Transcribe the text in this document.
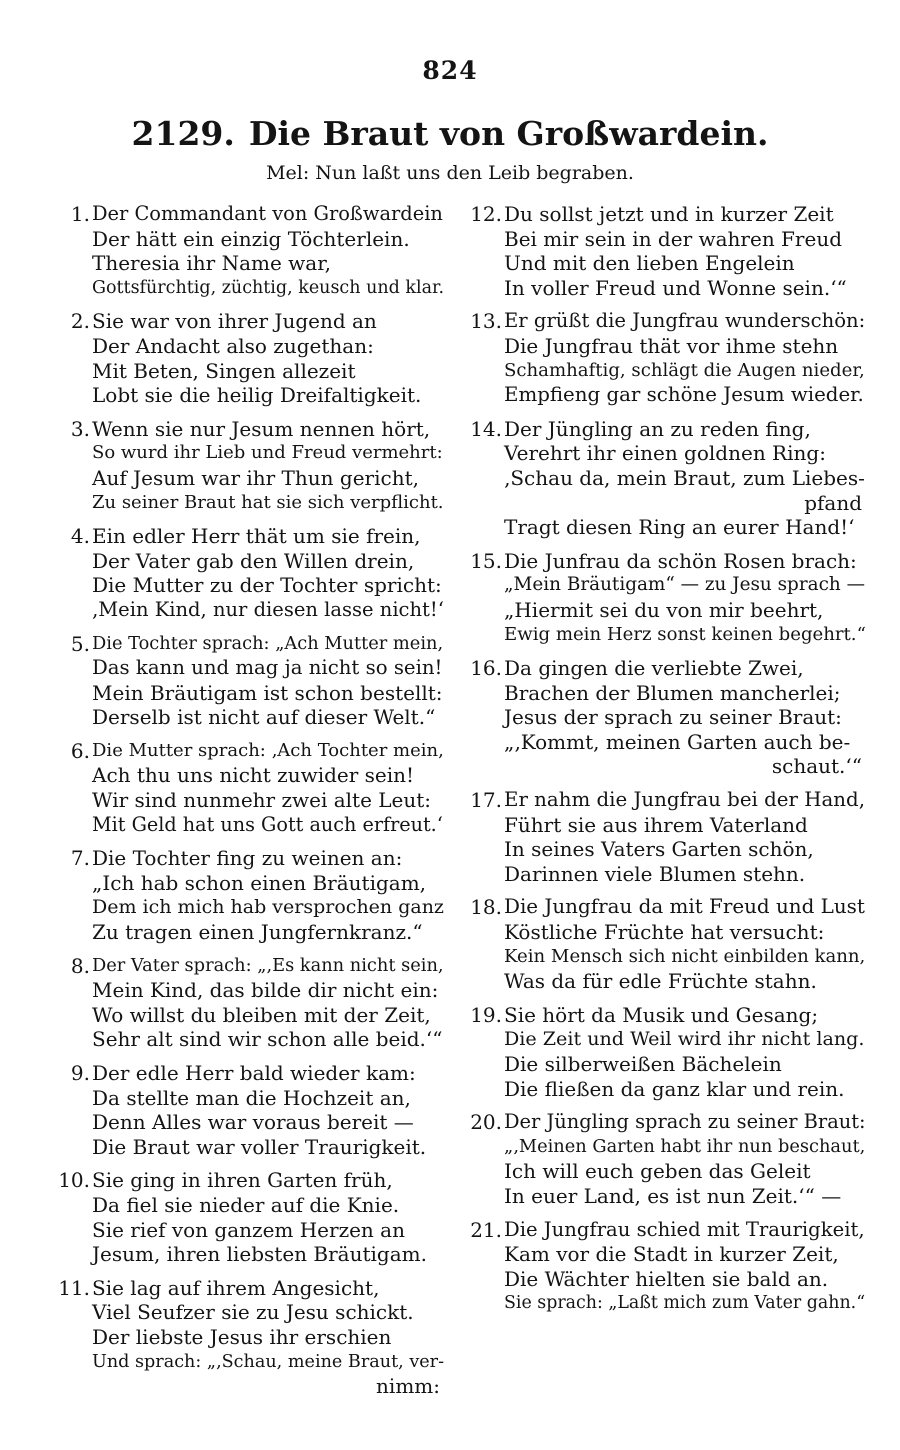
824
2129. Die Braut von Großwardein.
Mel: Nun laßt uns den Leib begraben.
1. Der Commandant von Großwardein
Der hätt ein einzig Töchterlein.
Theresia ihr Name war,
Gottsfürchtig, züchtig, keusch und klar.
2. Sie war von ihrer Jugend an
Der Andacht also zugethan:
Mit Beten, Singen allezeit
Lobt sie die heilig Dreifaltigkeit.
3. Wenn sie nur Jesum nennen hört,
So wurd ihr Lieb und Freud vermehrt:
Auf Jesum war ihr Thun gericht,
Zu seiner Braut hat sie sich verpflicht.
4. Ein edler Herr thät um sie frein,
Der Vater gab den Willen drein,
Die Mutter zu der Tochter spricht:
‚Mein Kind, nur diesen lasse nicht!‘
5. Die Tochter sprach: „Ach Mutter mein,
Das kann und mag ja nicht so sein!
Mein Bräutigam ist schon bestellt:
Derselb ist nicht auf dieser Welt.“
6. Die Mutter sprach: ‚Ach Tochter mein,
Ach thu uns nicht zuwider sein!
Wir sind nunmehr zwei alte Leut:
Mit Geld hat uns Gott auch erfreut.‘
7. Die Tochter fing zu weinen an:
„Ich hab schon einen Bräutigam,
Dem ich mich hab versprochen ganz
Zu tragen einen Jungfernkranz.“
8. Der Vater sprach: „‚Es kann nicht sein,
Mein Kind, das bilde dir nicht ein:
Wo willst du bleiben mit der Zeit,
Sehr alt sind wir schon alle beid.‘“
9. Der edle Herr bald wieder kam:
Da stellte man die Hochzeit an,
Denn Alles war voraus bereit —
Die Braut war voller Traurigkeit.
10. Sie ging in ihren Garten früh,
Da fiel sie nieder auf die Knie.
Sie rief von ganzem Herzen an
Jesum, ihren liebsten Bräutigam.
11. Sie lag auf ihrem Angesicht,
Viel Seufzer sie zu Jesu schickt.
Der liebste Jesus ihr erschien
Und sprach: „‚Schau, meine Braut, ver-
nimm:
12. Du sollst jetzt und in kurzer Zeit
Bei mir sein in der wahren Freud
Und mit den lieben Engelein
In voller Freud und Wonne sein.‘“
13. Er grüßt die Jungfrau wunderschön:
Die Jungfrau thät vor ihme stehn
Schamhaftig, schlägt die Augen nieder,
Empfieng gar schöne Jesum wieder.
14. Der Jüngling an zu reden fing,
Verehrt ihr einen goldnen Ring:
‚Schau da, mein Braut, zum Liebes-
pfand
Tragt diesen Ring an eurer Hand!‘
15. Die Junfrau da schön Rosen brach:
„Mein Bräutigam“ — zu Jesu sprach —
„Hiermit sei du von mir beehrt,
Ewig mein Herz sonst keinen begehrt.“
16. Da gingen die verliebte Zwei,
Brachen der Blumen mancherlei;
Jesus der sprach zu seiner Braut:
„‚Kommt, meinen Garten auch be-
schaut.‘“
17. Er nahm die Jungfrau bei der Hand,
Führt sie aus ihrem Vaterland
In seines Vaters Garten schön,
Darinnen viele Blumen stehn.
18. Die Jungfrau da mit Freud und Lust
Köstliche Früchte hat versucht:
Kein Mensch sich nicht einbilden kann,
Was da für edle Früchte stahn.
19. Sie hört da Musik und Gesang;
Die Zeit und Weil wird ihr nicht lang.
Die silberweißen Bächelein
Die fließen da ganz klar und rein.
20. Der Jüngling sprach zu seiner Braut:
„‚Meinen Garten habt ihr nun beschaut,
Ich will euch geben das Geleit
In euer Land, es ist nun Zeit.‘“ —
21. Die Jungfrau schied mit Traurigkeit,
Kam vor die Stadt in kurzer Zeit,
Die Wächter hielten sie bald an.
Sie sprach: „Laßt mich zum Vater gahn.“
